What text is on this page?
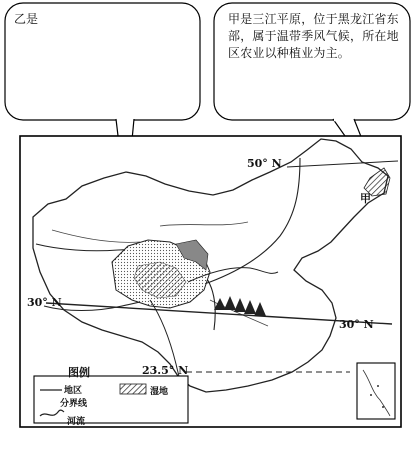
乙是	甲是三江平原，位于黑龙江省东部，属于温带季风气候，所在地区农业以种植业为主。
50° N
甲
30° N
30° N
23.5° N
图例
地区
分界线
湿地
河流
